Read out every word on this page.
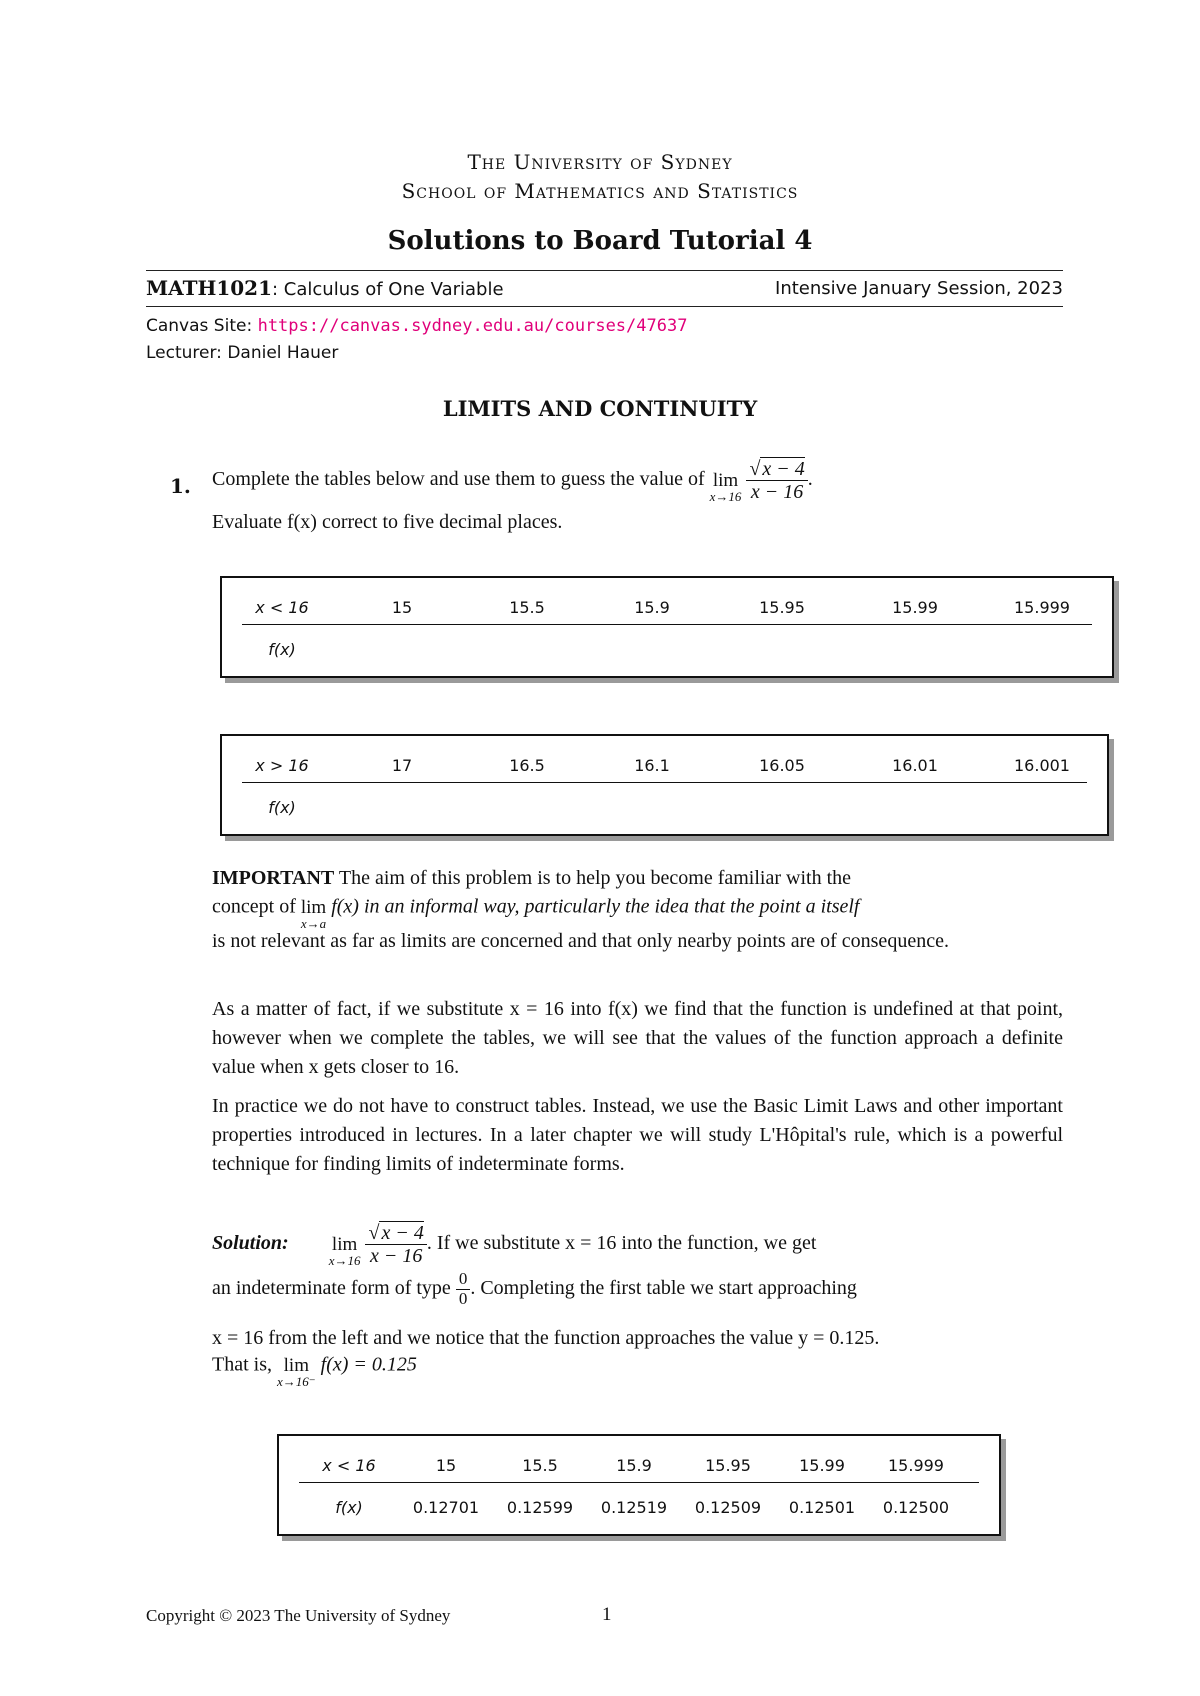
The University of Sydney
School of Mathematics and Statistics
Solutions to Board Tutorial 4
MATH1021: Calculus of One Variable	Intensive January Session, 2023
Canvas Site: https://canvas.sydney.edu.au/courses/47637
Lecturer: Daniel Hauer
LIMITS AND CONTINUITY
1. Complete the tables below and use them to guess the value of lim
x→16
$\frac{√ x - 4}{x - 16}$ .
Evaluate f(x) correct to five decimal places.
x < 16	15	15.5	15.9	15.95	15.99	15.999
f(x)
x > 16	17	16.5	16.1	16.05	16.01	16.001
f(x)
IMPORTANT The aim of this problem is to help you become familiar with the
concept of lim
x→a
f(x) in an informal way, particularly the idea that the point a itself
is not relevant as far as limits are concerned and that only nearby points are of consequence.
As a matter of fact, if we substitute x = 16 into f(x) we find that the function is undefined at that point, however when we complete the tables, we will see that the values of the function approach a definite value when x gets closer to 16.
In practice we do not have to construct tables. Instead, we use the Basic Limit Laws and other important properties introduced in lectures. In a later chapter we will study L'Hôpital's rule, which is a powerful technique for finding limits of indeterminate forms.
Solution: lim
x→16
$\frac{√ x - 4}{x - 16}$ . If we substitute x = 16 into the function, we get
an indeterminate form of type $\frac{0}{0}$ . Completing the first table we start approaching
x = 16 from the left and we notice that the function approaches the value y = 0.125.
That is, lim
x→16⁻
f(x) = 0.125
x < 16	15	15.5	15.9	15.95	15.99	15.999
f(x)	0.12701	0.12599	0.12519	0.12509	0.12501	0.12500
Copyright © 2023 The University of Sydney	1
